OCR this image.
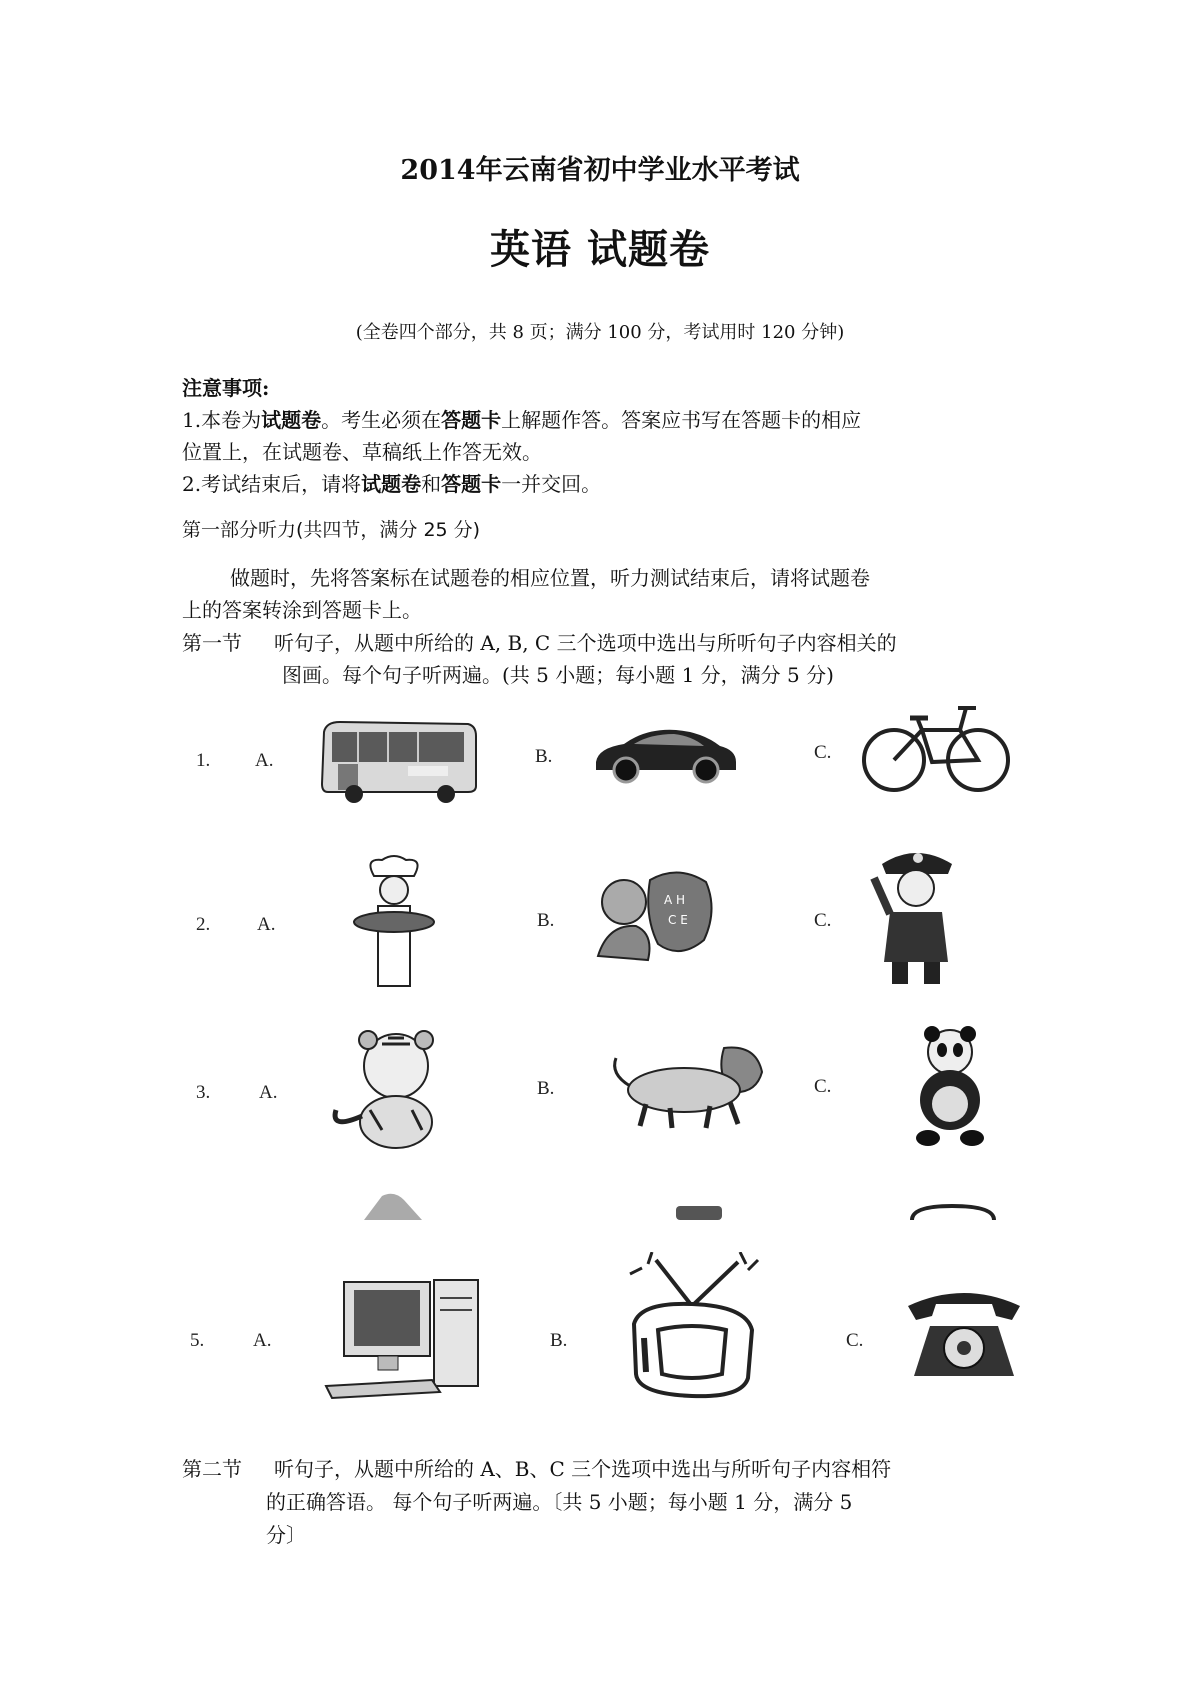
2014年云南省初中学业水平考试
英语 试题卷
(全卷四个部分，共 8 页；满分 100 分，考试用时 120 分钟)
注意事项:
1.本卷为试题卷。考生必须在答题卡上解题作答。答案应书写在答题卡的相应
位置上，在试题卷、草稿纸上作答无效。
2.考试结束后，请将试题卷和答题卡一并交回。
第一部分听力(共四节，满分 25 分)
做题时，先将答案标在试题卷的相应位置，听力测试结束后，请将试题卷
上的答案转涂到答题卡上。
第一节 听句子，从题中所给的 A, B, C 三个选项中选出与所听句子内容相关的
图画。每个句子听两遍。(共 5 小题；每小题 1 分，满分 5 分)
1. A.	B.	C.
2. A.	B.	C.
A H
C E
3.	A.	B.	C.
5.	A.	B.	C.
第二节 听句子，从题中所给的 A、B、C 三个选项中选出与所听句子内容相符
的正确答语。 每个句子听两遍。〔共 5 小题；每小题 1 分，满分 5
分〕
